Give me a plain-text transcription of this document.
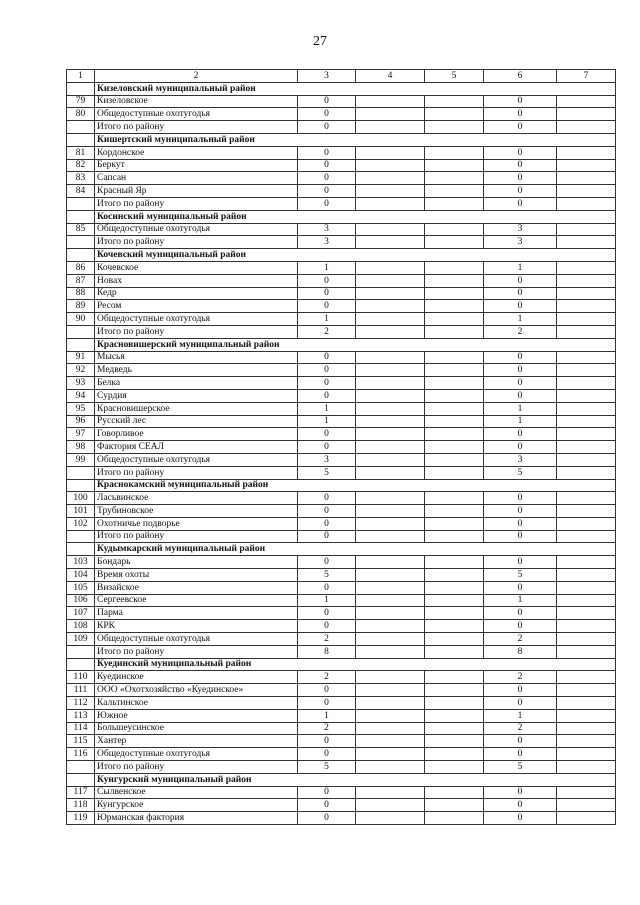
27
1	2	3	4	5	6	7
	Кизеловский муниципальный район					
79	Кизеловское	0			0	
80	Общедоступные охотугодья	0			0	
	Итого по району	0			0	
	Кишертский муниципальный район					
81	Кордонское	0			0	
82	Беркут	0			0	
83	Сапсан	0			0	
84	Красный Яр	0			0	
	Итого по району	0			0	
	Косинский муниципальный район					
85	Общедоступные охотугодья	3			3	
	Итого по району	3			3	
	Кочевский муниципальный район					
86	Кочевское	1			1	
87	Новах	0			0	
88	Кедр	0			0	
89	Ресом	0			0	
90	Общедоступные охотугодья	1			1	
	Итого по району	2			2	
	Красновишерский муниципальный район					
91	Мысья	0			0	
92	Медведь	0			0	
93	Белка	0			0	
94	Сурдия	0			0	
95	Красновишерское	1			1	
96	Русский лес	1			1	
97	Говорливое	0			0	
98	Фактория СЕАЛ	0			0	
99	Общедоступные охотугодья	3			3	
	Итого по району	5			5	
	Краснокамский муниципальный район					
100	Ласьвинское	0			0	
101	Трубиновское	0			0	
102	Охотничье подворье	0			0	
	Итого по району	0			0	
	Кудымкарский муниципальный район					
103	Бондарь	0			0	
104	Время охоты	5			5	
105	Визайское	0			0	
106	Сергеевское	1			1	
107	Парма	0			0	
108	КРК	0			0	
109	Общедоступные охотугодья	2			2	
	Итого по району	8			8	
	Куединский муниципальный район					
110	Куединское	2			2	
111	ООО «Охотхозяйство «Куединское»	0			0	
112	Кальтинское	0			0	
113	Южное	1			1	
114	Большеусинское	2			2	
115	Хантер	0			0	
116	Общедоступные охотугодья	0			0	
	Итого по району	5			5	
	Кунгурский муниципальный район					
117	Сылвенское	0			0	
118	Кунгурское	0			0	
119	Юрманская фактория	0			0	
